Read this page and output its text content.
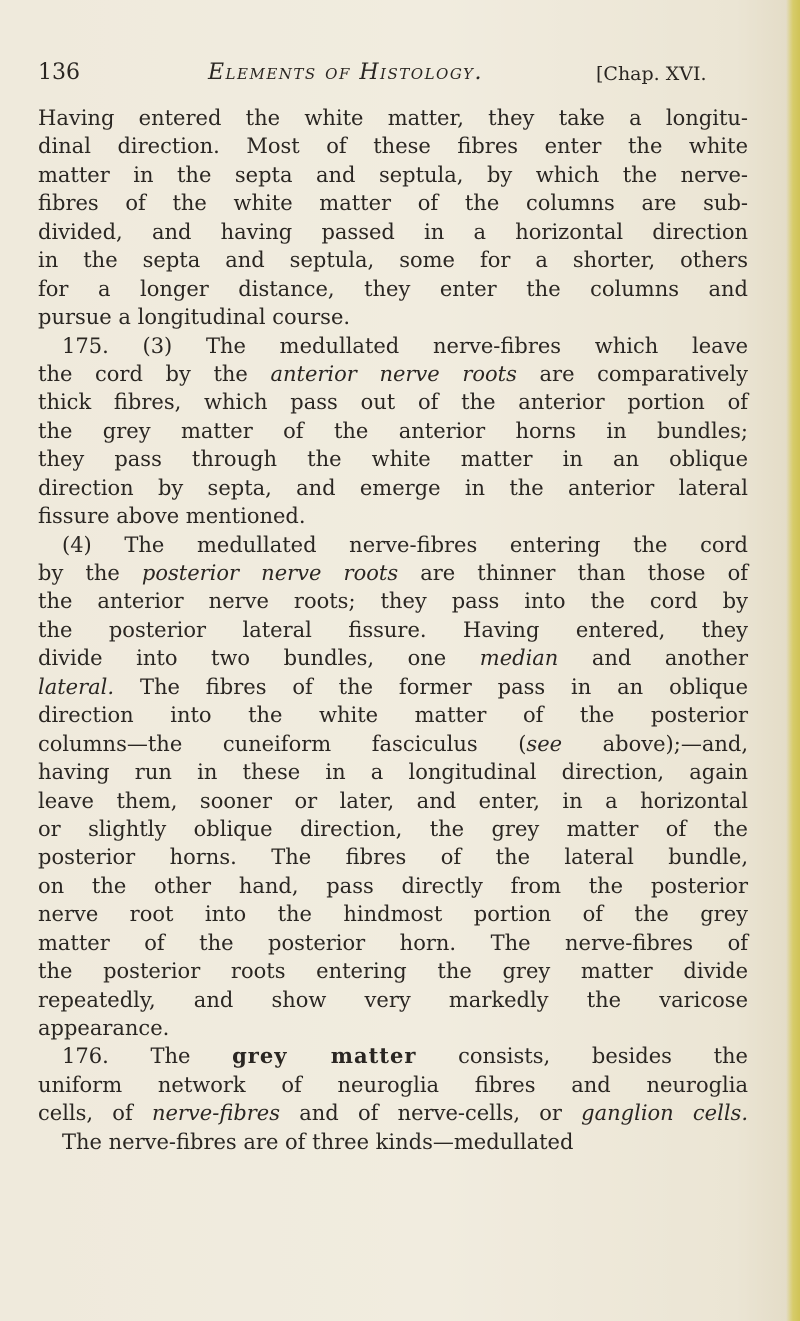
136	Elements of Histology.	[Chap. XVI.
Having entered the white matter, they take a longitu-
dinal direction. Most of these fibres enter the white
matter in the septa and septula, by which the nerve-
fibres of the white matter of the columns are sub-
divided, and having passed in a horizontal direction
in the septa and septula, some for a shorter, others
for a longer distance, they enter the columns and
pursue a longitudinal course.
175. (3) The medullated nerve-fibres which leave
the cord by the anterior nerve roots are comparatively
thick fibres, which pass out of the anterior portion of
the grey matter of the anterior horns in bundles;
they pass through the white matter in an oblique
direction by septa, and emerge in the anterior lateral
fissure above mentioned.
(4) The medullated nerve-fibres entering the cord
by the posterior nerve roots are thinner than those of
the anterior nerve roots; they pass into the cord by
the posterior lateral fissure. Having entered, they
divide into two bundles, one median and another
lateral. The fibres of the former pass in an oblique
direction into the white matter of the posterior
columns—the cuneiform fasciculus (see above);—and,
having run in these in a longitudinal direction, again
leave them, sooner or later, and enter, in a horizontal
or slightly oblique direction, the grey matter of the
posterior horns. The fibres of the lateral bundle,
on the other hand, pass directly from the posterior
nerve root into the hindmost portion of the grey
matter of the posterior horn. The nerve-fibres of
the posterior roots entering the grey matter divide
repeatedly, and show very markedly the varicose
appearance.
176. The grey matter consists, besides the
uniform network of neuroglia fibres and neuroglia
cells, of nerve-fibres and of nerve-cells, or ganglion cells.
The nerve-fibres are of three kinds—medullated
